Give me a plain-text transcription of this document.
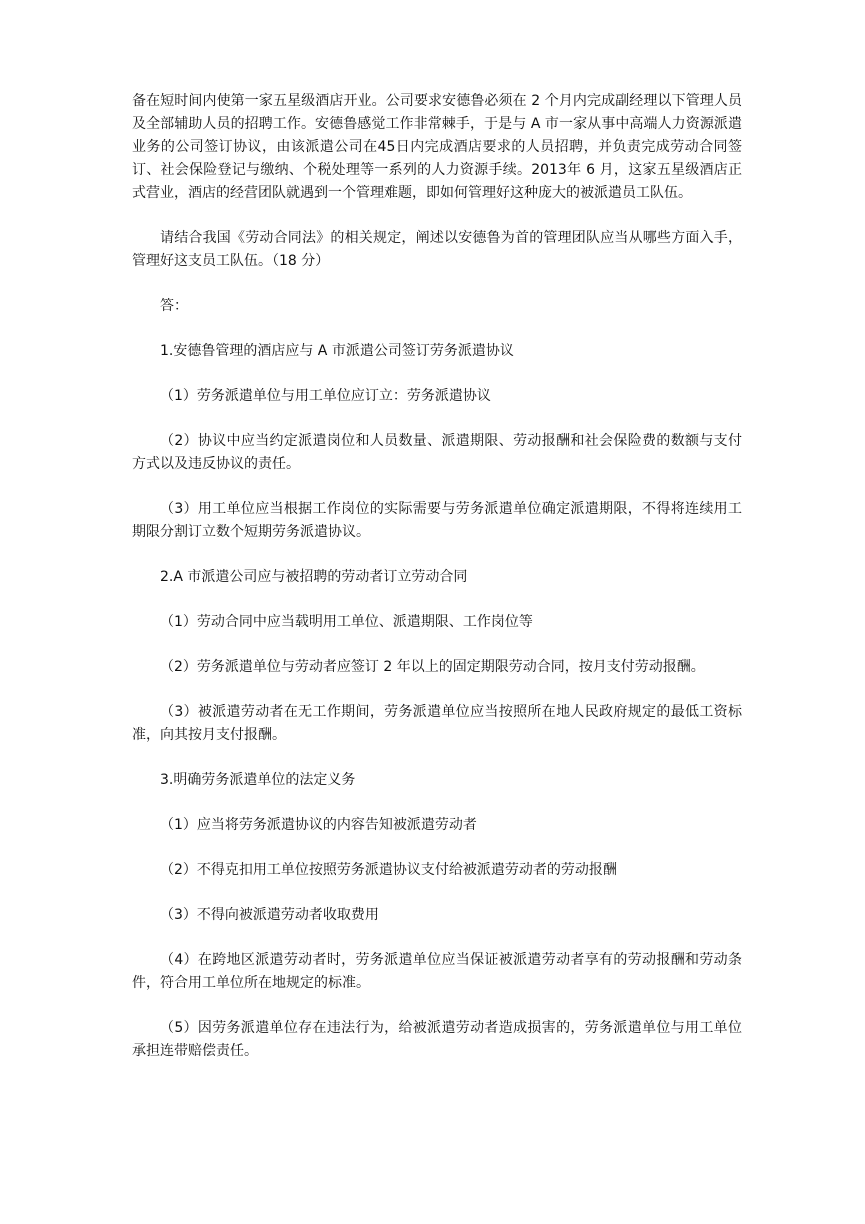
备在短时间内使第一家五星级酒店开业。公司要求安德鲁必须在 2 个月内完成副经理以下管理人员及全部辅助人员的招聘工作。安德鲁感觉工作非常棘手，于是与 A 市一家从事中高端人力资源派遣业务的公司签订协议，由该派遣公司在45日内完成酒店要求的人员招聘，并负责完成劳动合同签订、社会保险登记与缴纳、个税处理等一系列的人力资源手续。2013年 6 月，这家五星级酒店正式营业，酒店的经营团队就遇到一个管理难题，即如何管理好这种庞大的被派遣员工队伍。

请结合我国《劳动合同法》的相关规定，阐述以安德鲁为首的管理团队应当从哪些方面入手，管理好这支员工队伍。（18 分）

答：

1.安德鲁管理的酒店应与 A 市派遣公司签订劳务派遣协议

（1）劳务派遣单位与用工单位应订立：劳务派遣协议

（2）协议中应当约定派遣岗位和人员数量、派遣期限、劳动报酬和社会保险费的数额与支付方式以及违反协议的责任。

（3）用工单位应当根据工作岗位的实际需要与劳务派遣单位确定派遣期限，不得将连续用工期限分割订立数个短期劳务派遣协议。

2.A 市派遣公司应与被招聘的劳动者订立劳动合同

（1）劳动合同中应当载明用工单位、派遣期限、工作岗位等

（2）劳务派遣单位与劳动者应签订 2 年以上的固定期限劳动合同，按月支付劳动报酬。

（3）被派遣劳动者在无工作期间，劳务派遣单位应当按照所在地人民政府规定的最低工资标准，向其按月支付报酬。

3.明确劳务派遣单位的法定义务

（1）应当将劳务派遣协议的内容告知被派遣劳动者

（2）不得克扣用工单位按照劳务派遣协议支付给被派遣劳动者的劳动报酬

（3）不得向被派遣劳动者收取费用

（4）在跨地区派遣劳动者时，劳务派遣单位应当保证被派遣劳动者享有的劳动报酬和劳动条件，符合用工单位所在地规定的标准。

（5）因劳务派遣单位存在违法行为，给被派遣劳动者造成损害的，劳务派遣单位与用工单位承担连带赔偿责任。
